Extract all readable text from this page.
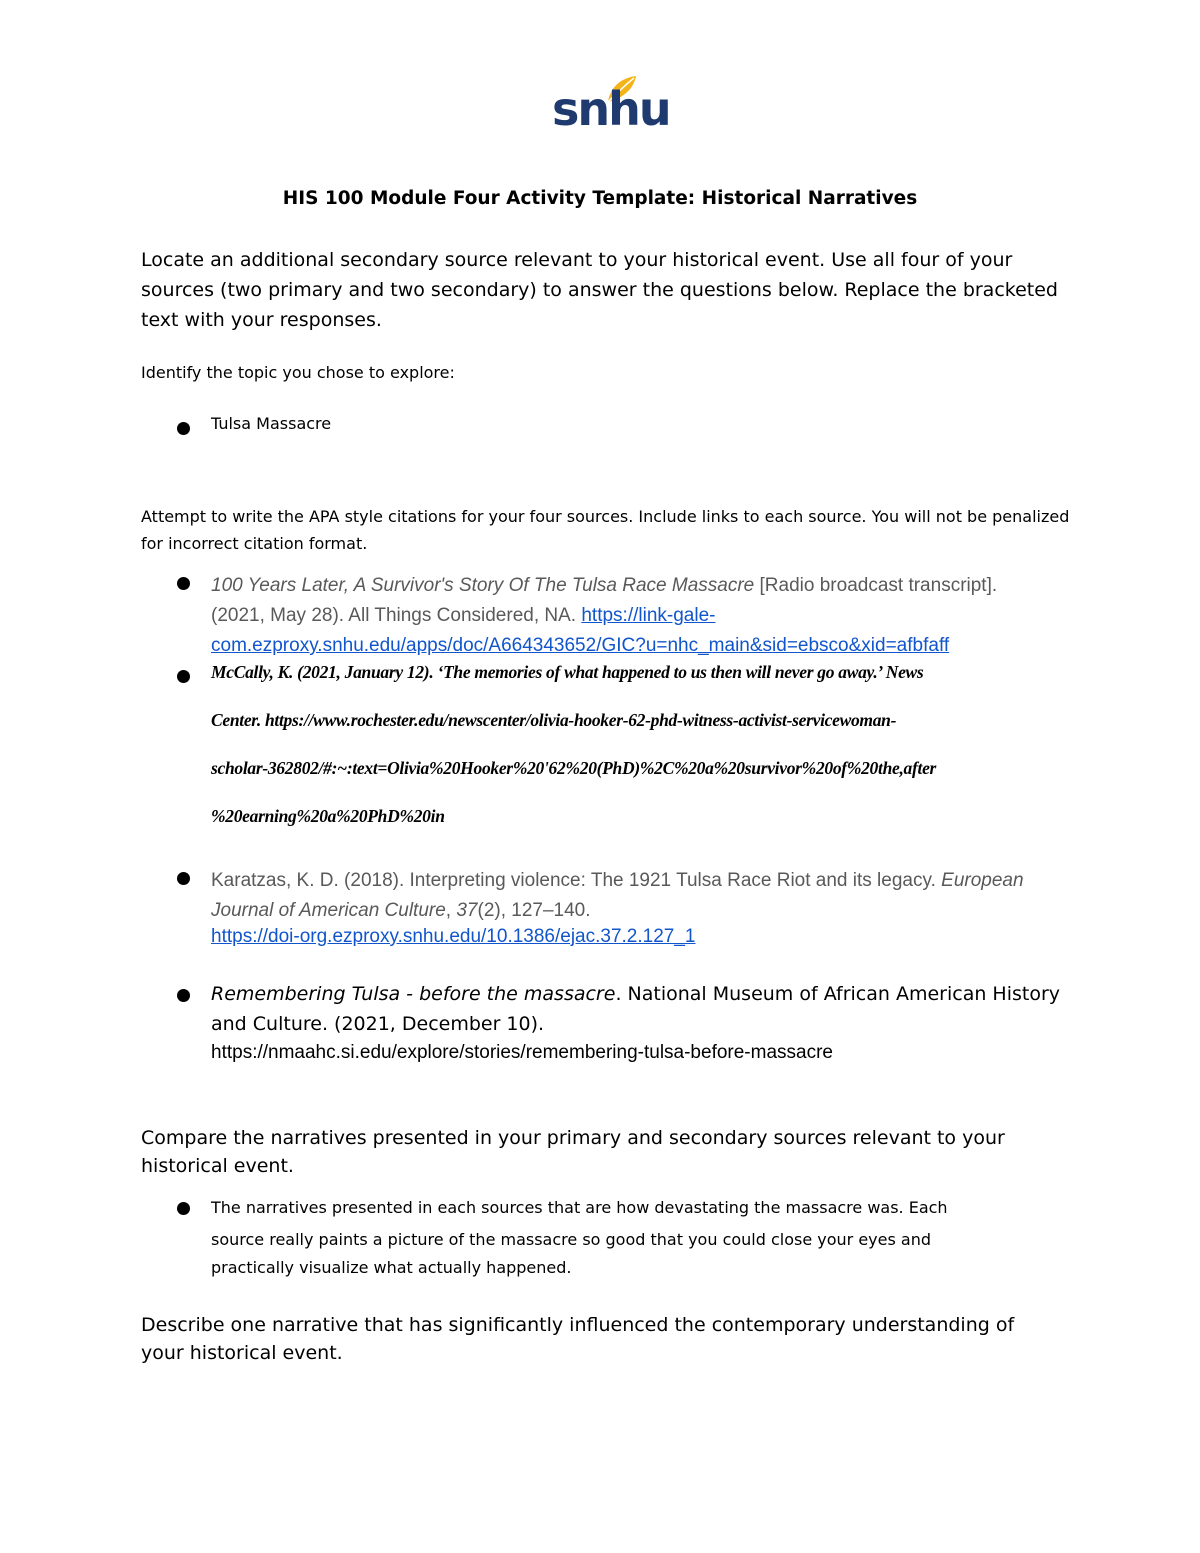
snhu
HIS 100 Module Four Activity Template: Historical Narratives
Locate an additional secondary source relevant to your historical event. Use all four of your sources (two primary and two secondary) to answer the questions below. Replace the bracketed text with your responses.
Identify the topic you chose to explore:
Tulsa Massacre
Attempt to write the APA style citations for your four sources. Include links to each source. You will not be penalized for incorrect citation format.
100 Years Later, A Survivor's Story Of The Tulsa Race Massacre [Radio broadcast transcript]. (2021, May 28). All Things Considered, NA. https://link-gale-com.ezproxy.snhu.edu/apps/doc/A664343652/GIC?u=nhc_main&sid=ebsco&xid=afbfaff
McCally, K. (2021, January 12). ‘The memories of what happened to us then will never go away.’ News
Center. https://www.rochester.edu/newscenter/olivia-hooker-62-phd-witness-activist-servicewoman-
scholar-362802/#:~:text=Olivia%20Hooker%20'62%20(PhD)%2C%20a%20survivor%20of%20the,after
%20earning%20a%20PhD%20in
Karatzas, K. D. (2018). Interpreting violence: The 1921 Tulsa Race Riot and its legacy. European Journal of American Culture, 37(2), 127–140.
https://doi-org.ezproxy.snhu.edu/10.1386/ejac.37.2.127_1
Remembering Tulsa - before the massacre. National Museum of African American History and Culture. (2021, December 10).
https://nmaahc.si.edu/explore/stories/remembering-tulsa-before-massacre
Compare the narratives presented in your primary and secondary sources relevant to your historical event.
The narratives presented in each sources that are how devastating the massacre was. Each
source really paints a picture of the massacre so good that you could close your eyes and
practically visualize what actually happened.
Describe one narrative that has significantly influenced the contemporary understanding of your historical event.
